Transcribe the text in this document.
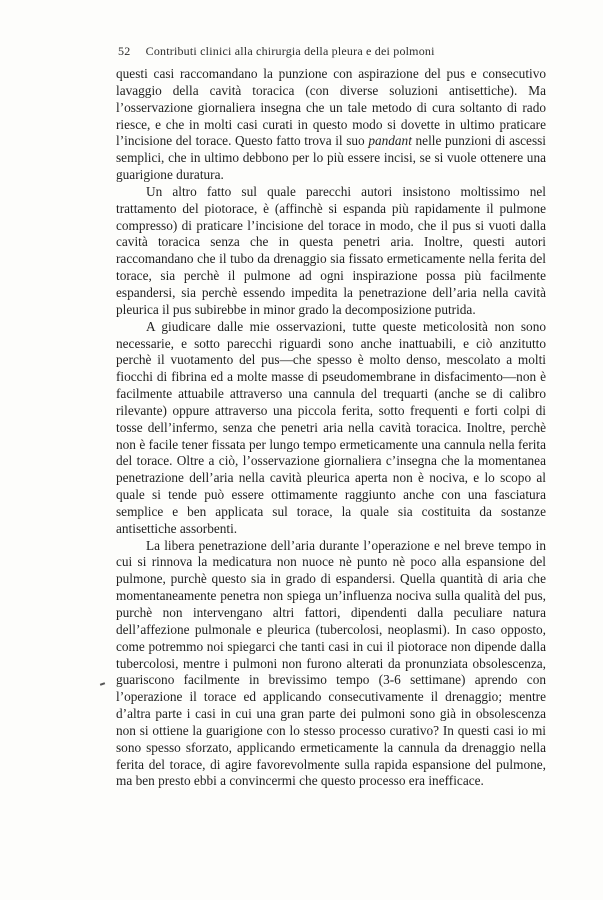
52 Contributi clinici alla chirurgia della pleura e dei polmoni

questi casi raccomandano la punzione con aspirazione del pus e consecutivo lavaggio della cavità toracica (con diverse soluzioni antisettiche). Ma l’osservazione giornaliera insegna che un tale metodo di cura soltanto di rado riesce, e che in molti casi curati in questo modo si dovette in ultimo praticare l’incisione del torace. Questo fatto trova il suo pandant nelle punzioni di ascessi semplici, che in ultimo debbono per lo più essere incisi, se si vuole ottenere una guarigione duratura.

Un altro fatto sul quale parecchi autori insistono moltissimo nel trattamento del piotorace, è (affinchè si espanda più rapidamente il pulmone compresso) di praticare l’incisione del torace in modo, che il pus si vuoti dalla cavità toracica senza che in questa penetri aria. Inoltre, questi autori raccomandano che il tubo da drenaggio sia fissato ermeticamente nella ferita del torace, sia perchè il pulmone ad ogni inspirazione possa più facilmente espandersi, sia perchè essendo impedita la penetrazione dell’aria nella cavità pleurica il pus subirebbe in minor grado la decomposizione putrida.

A giudicare dalle mie osservazioni, tutte queste meticolosità non sono necessarie, e sotto parecchi riguardi sono anche inattuabili, e ciò anzitutto perchè il vuotamento del pus—che spesso è molto denso, mescolato a molti fiocchi di fibrina ed a molte masse di pseudomembrane in disfacimento—non è facilmente attuabile attraverso una cannula del trequarti (anche se di calibro rilevante) oppure attraverso una piccola ferita, sotto frequenti e forti colpi di tosse dell’infermo, senza che penetri aria nella cavità toracica. Inoltre, perchè non è facile tener fissata per lungo tempo ermeticamente una cannula nella ferita del torace. Oltre a ciò, l’osservazione giornaliera c’insegna che la momentanea penetrazione dell’aria nella cavità pleurica aperta non è nociva, e lo scopo al quale si tende può essere ottimamente raggiunto anche con una fasciatura semplice e ben applicata sul torace, la quale sia costituita da sostanze antisettiche assorbenti.

La libera penetrazione dell’aria durante l’operazione e nel breve tempo in cui si rinnova la medicatura non nuoce nè punto nè poco alla espansione del pulmone, purchè questo sia in grado di espandersi. Quella quantità di aria che momentaneamente penetra non spiega un’influenza nociva sulla qualità del pus, purchè non intervengano altri fattori, dipendenti dalla peculiare natura dell’affezione pulmonale e pleurica (tubercolosi, neoplasmi). In caso opposto, come potremmo noi spiegarci che tanti casi in cui il piotorace non dipende dalla tubercolosi, mentre i pulmoni non furono alterati da pronunziata obsolescenza, guariscono facilmente in brevissimo tempo (3-6 settimane) aprendo con l’operazione il torace ed applicando consecutivamente il drenaggio; mentre d’altra parte i casi in cui una gran parte dei pulmoni sono già in obsolescenza non si ottiene la guarigione con lo stesso processo curativo? In questi casi io mi sono spesso sforzato, applicando ermeticamente la cannula da drenaggio nella ferita del torace, di agire favorevolmente sulla rapida espansione del pulmone, ma ben presto ebbi a convincermi che questo processo era inefficace.
